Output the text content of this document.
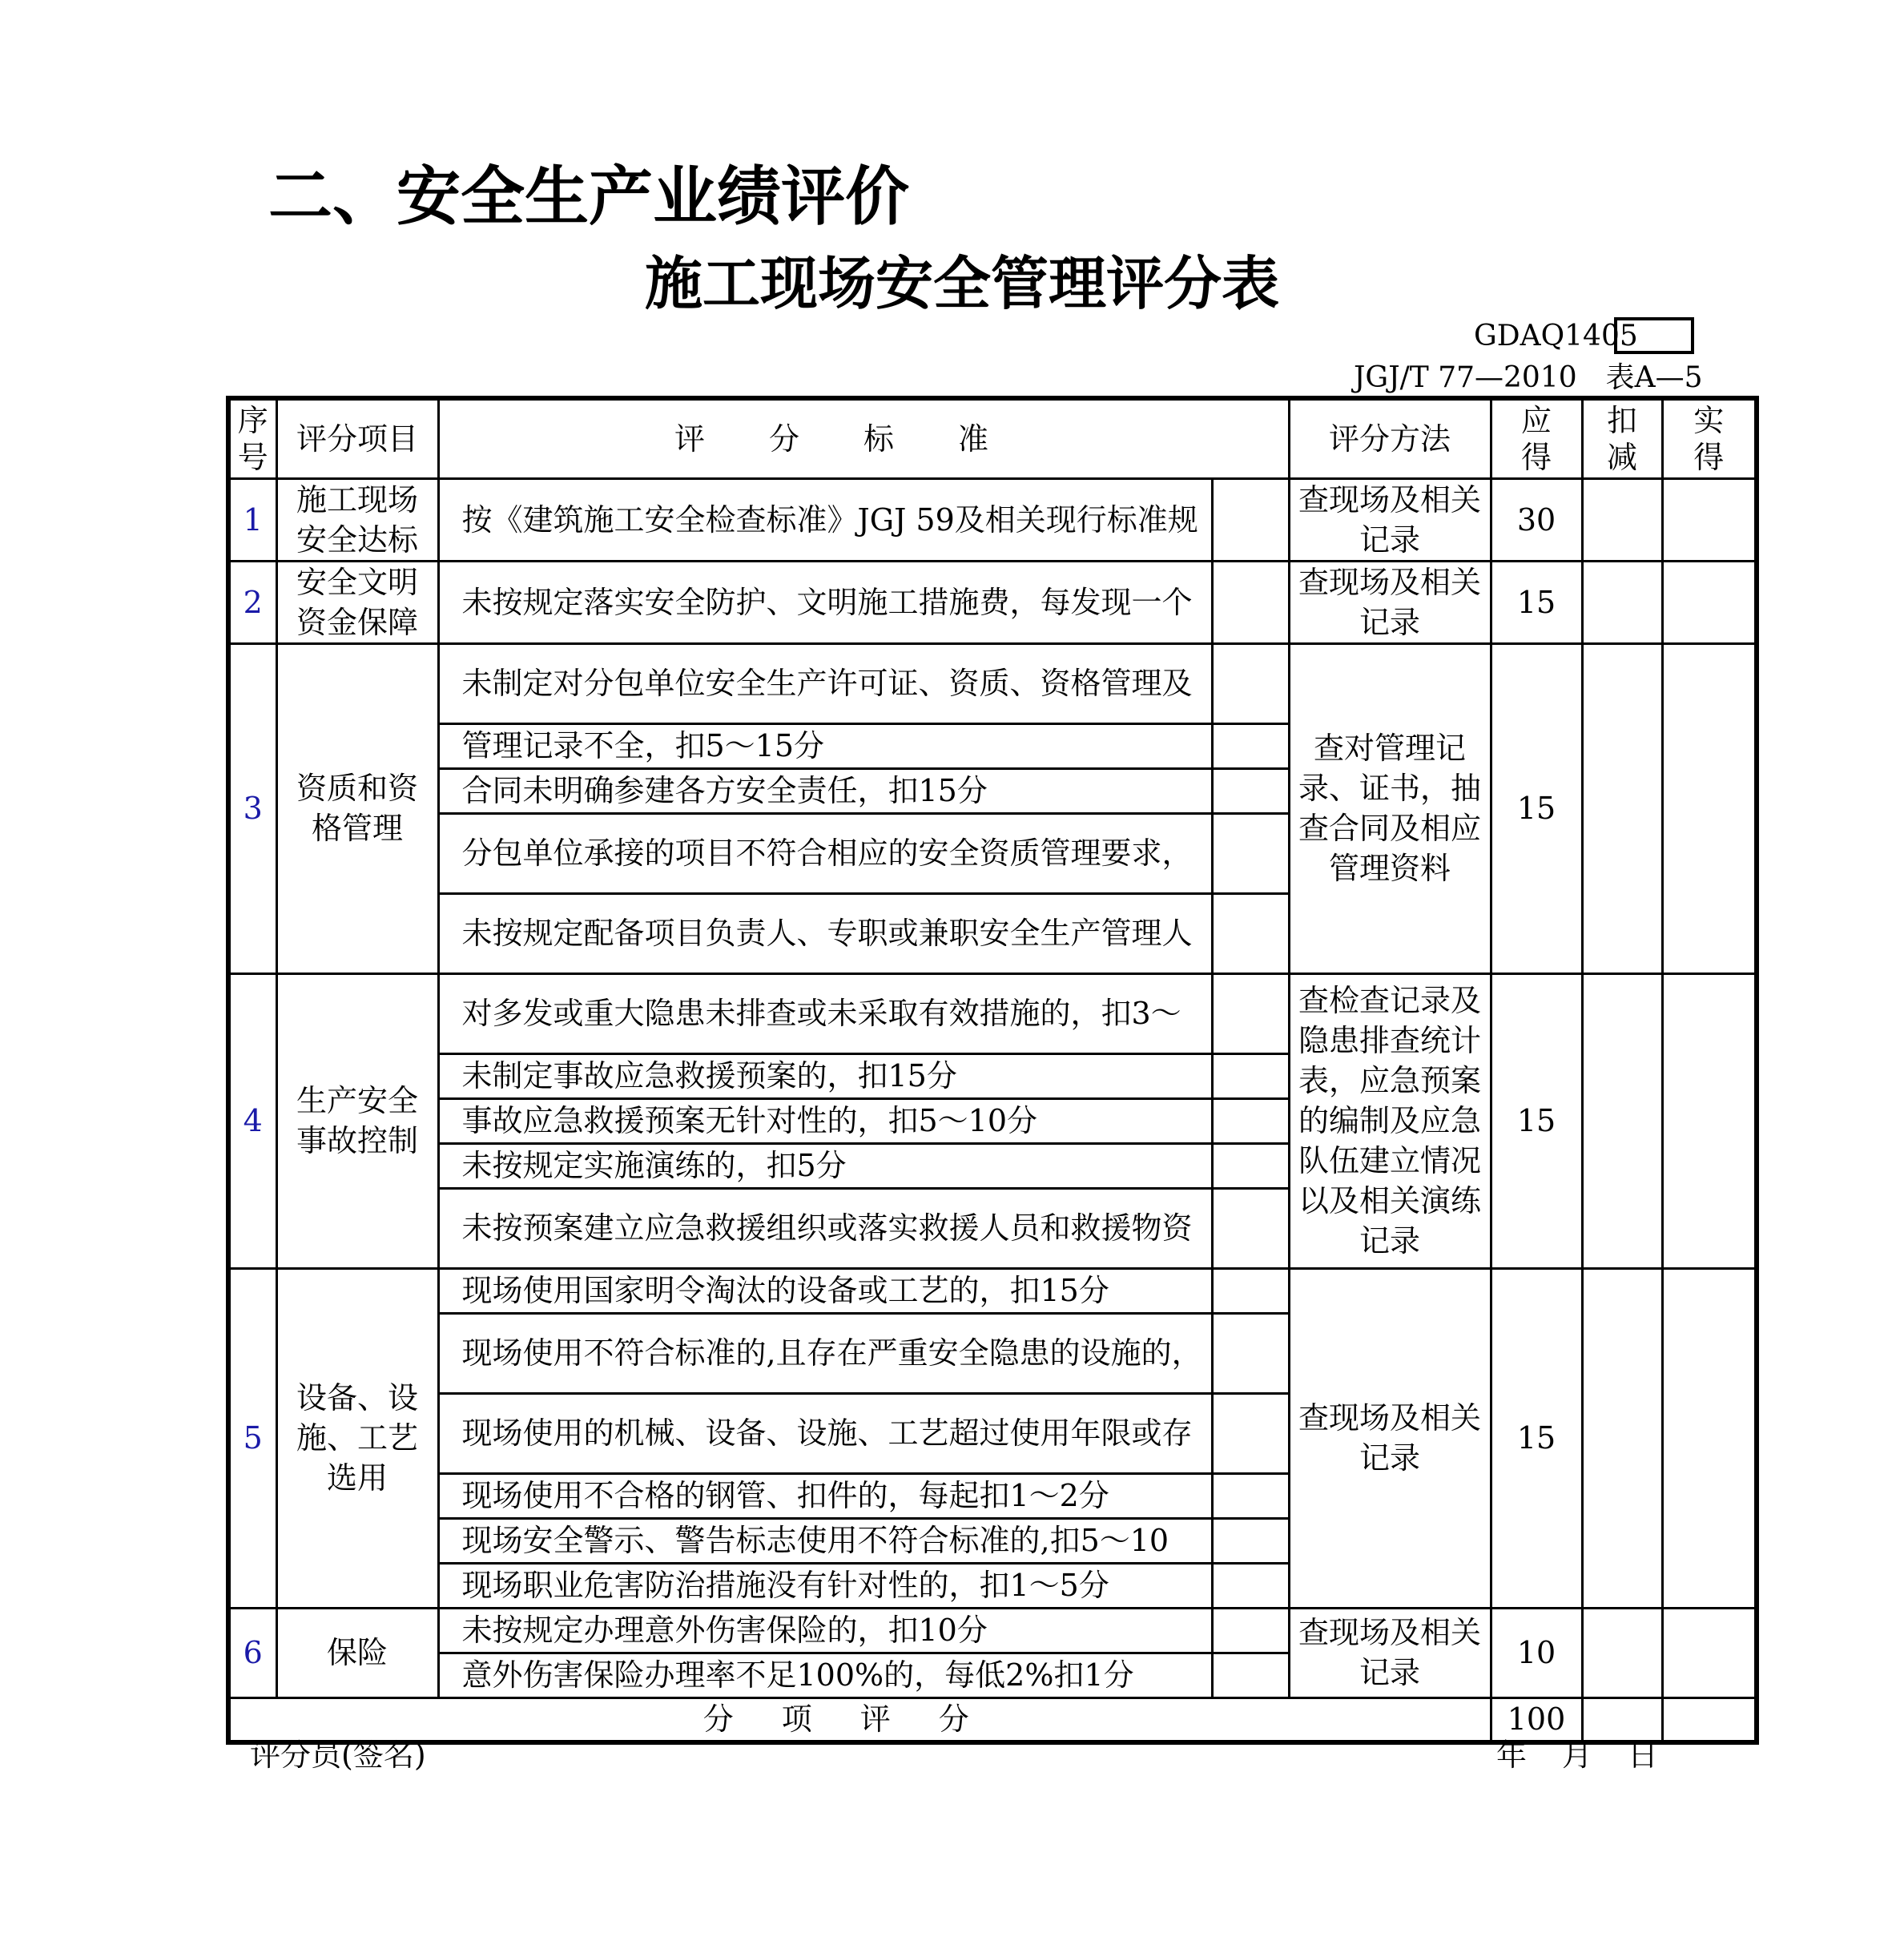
二、安全生产业绩评价
施工现场安全管理评分表
GDAQ1405
JGJ/T 77—2010　表A—5
序号	评分项目	评分标准		评分方法	应得	扣减	实得
1	施工现场安全达标	按《建筑施工安全检查标准》JGJ 59及相关现行标准规		查现场及相关记录	30		
2	安全文明资金保障	未按规定落实安全防护、文明施工措施费，每发现一个		查现场及相关记录	15		
3	资质和资格管理	未制定对分包单位安全生产许可证、资质、资格管理及		查对管理记录、证书，抽查合同及相应管理资料	15		
		管理记录不全，扣5～15分					
		合同未明确参建各方安全责任，扣15分					
		分包单位承接的项目不符合相应的安全资质管理要求，					
		未按规定配备项目负责人、专职或兼职安全生产管理人					
4	生产安全事故控制	对多发或重大隐患未排查或未采取有效措施的，扣3～		查检查记录及隐患排查统计表，应急预案的编制及应急队伍建立情况以及相关演练记录	15		
		未制定事故应急救援预案的，扣15分					
		事故应急救援预案无针对性的，扣5～10分					
		未按规定实施演练的，扣5分					
		未按预案建立应急救援组织或落实救援人员和救援物资					
5	设备、设施、工艺选用	现场使用国家明令淘汰的设备或工艺的，扣15分		查现场及相关记录	15		
		现场使用不符合标准的,且存在严重安全隐患的设施的，					
		现场使用的机械、设备、设施、工艺超过使用年限或存					
		现场使用不合格的钢管、扣件的，每起扣1～2分					
		现场安全警示、警告标志使用不符合标准的,扣5～10					
		现场职业危害防治措施没有针对性的，扣1～5分					
6	保险	未按规定办理意外伤害保险的，扣10分		查现场及相关记录	10		
		意外伤害保险办理率不足100%的，每低2%扣1分					
分项评分					100		
评分员(签名)	年 月 日
